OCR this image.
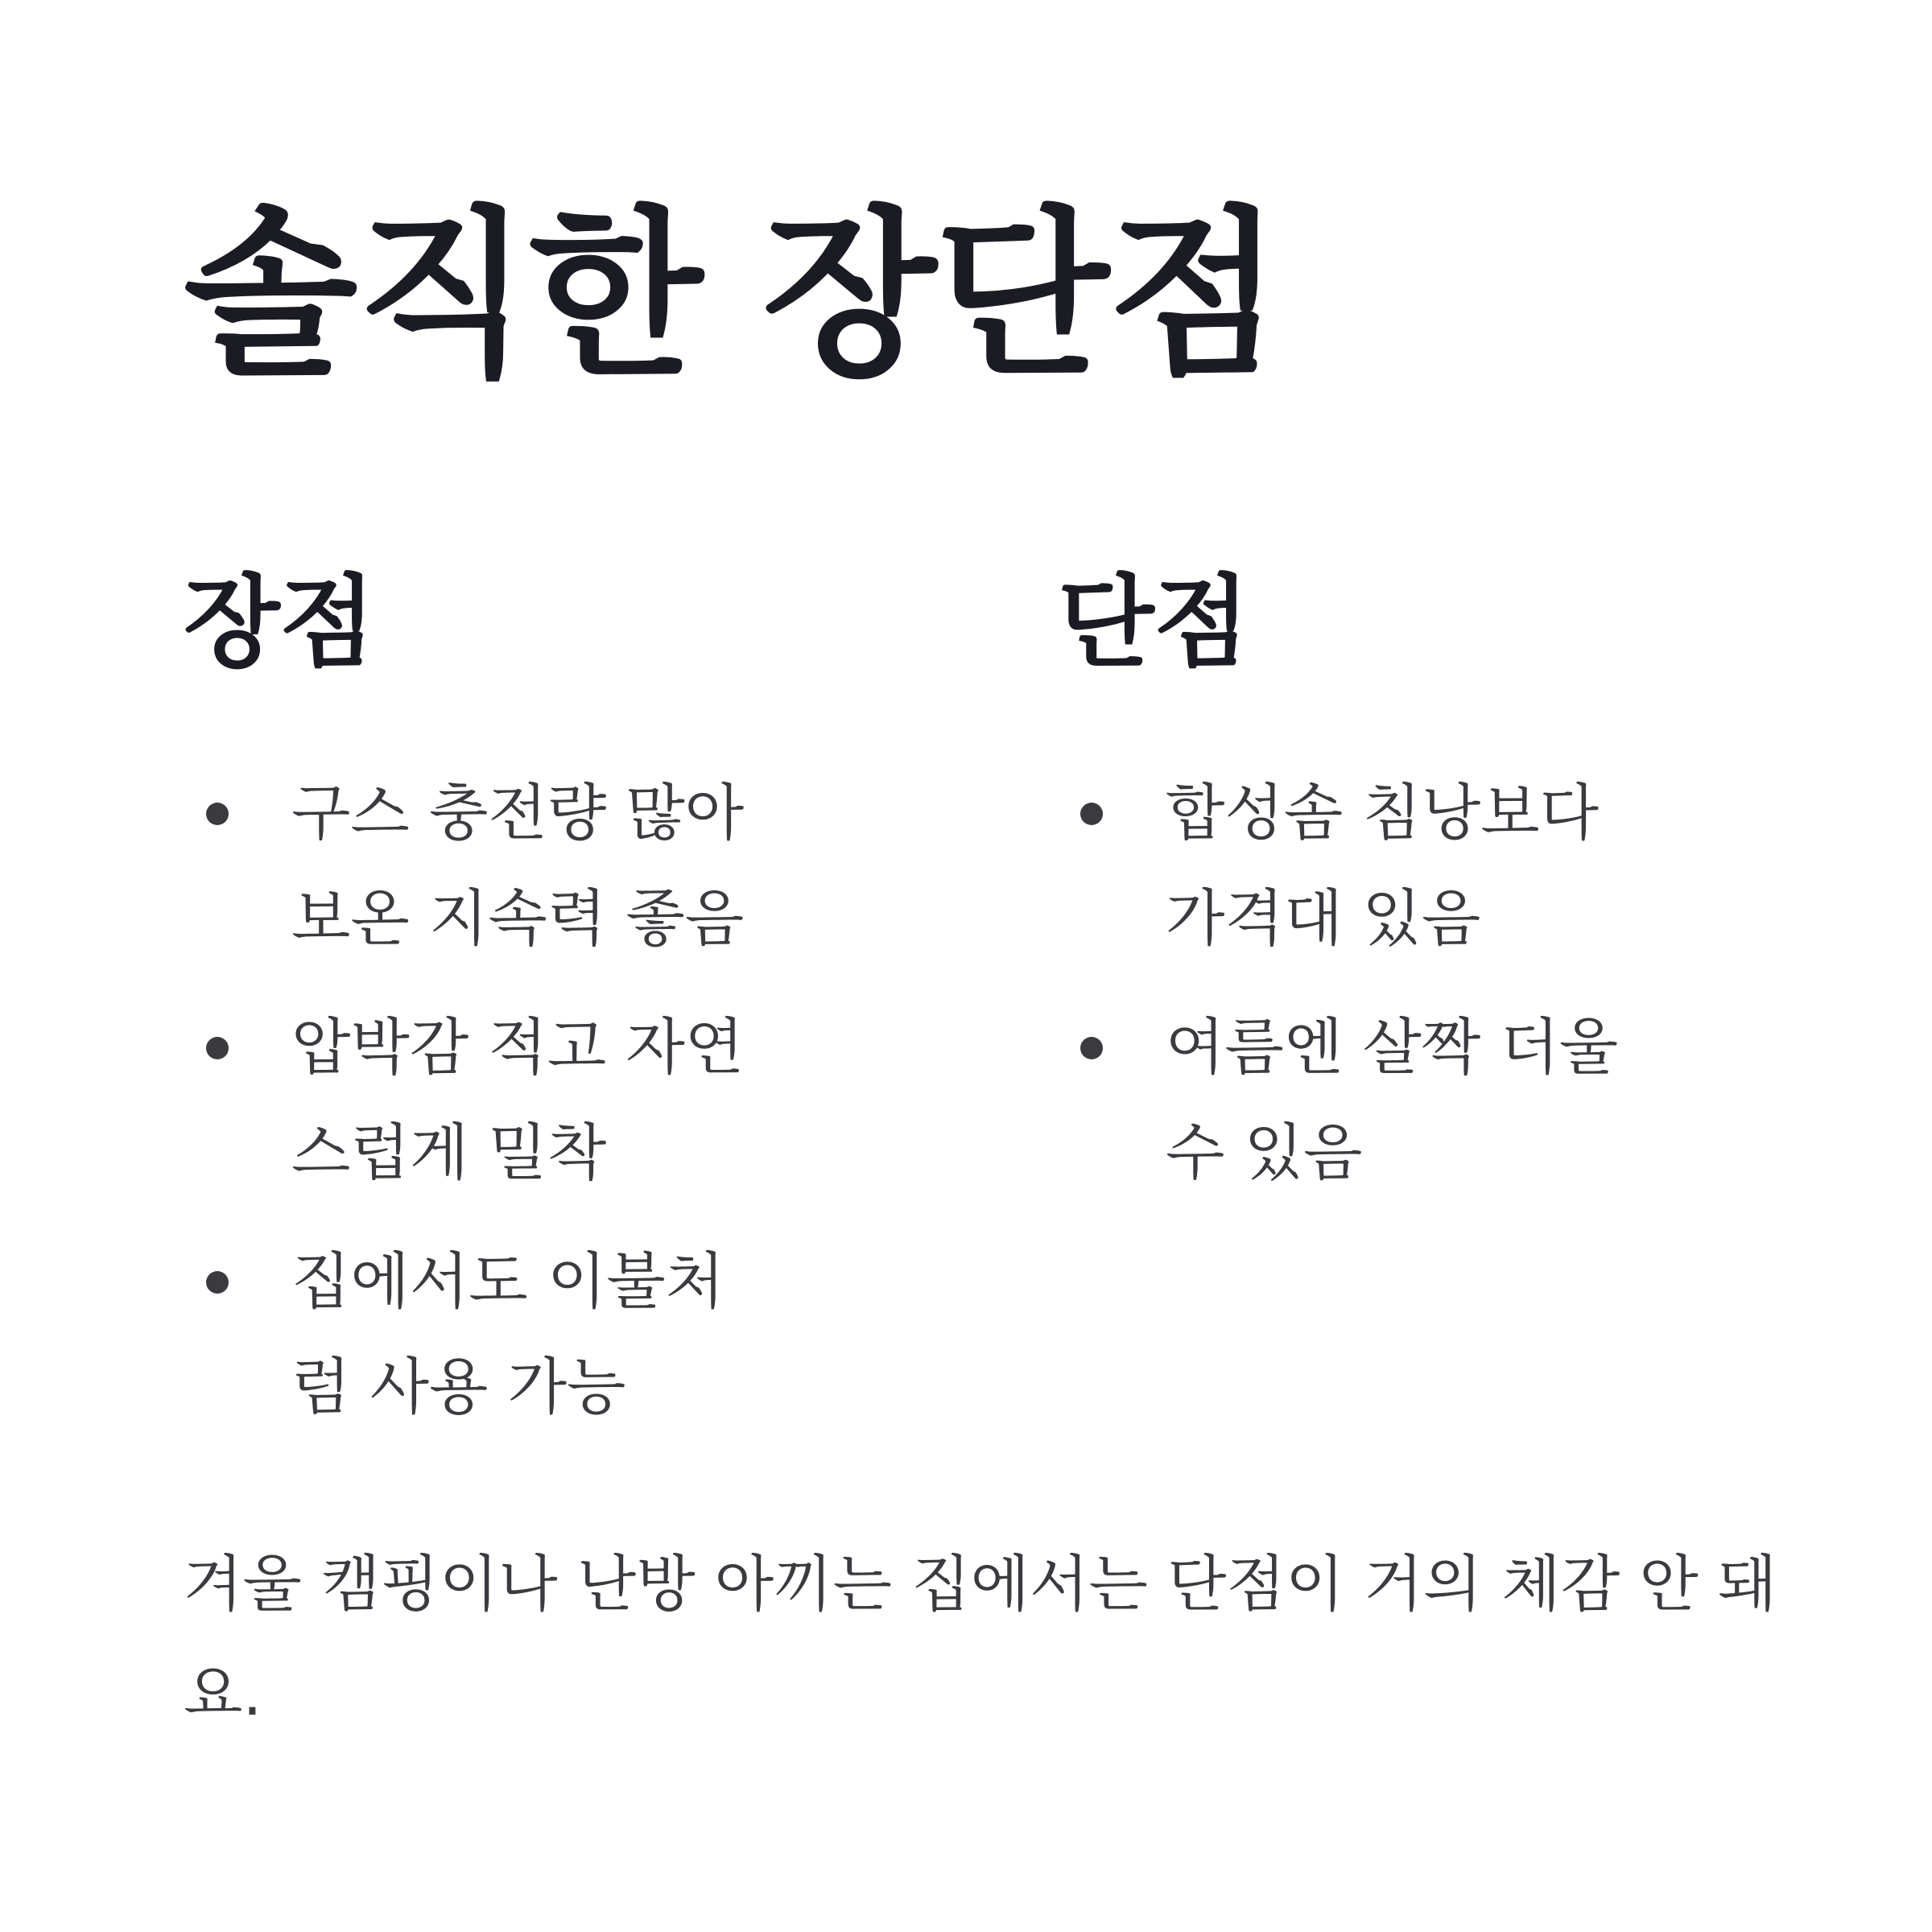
솔직한 장단점
장점
구스 충전량 많아 보온 지속력 좋음
압박감 적고 자연스럽게 밀착
집에서도 이불처럼 사용 가능
단점
합성솜 침낭보다 가격대 있음
여름엔 살짝 더울 수 있음

겨울 캠핑이나 난방 아끼는 집에서는 단점이 거의 체감 안 돼요.
